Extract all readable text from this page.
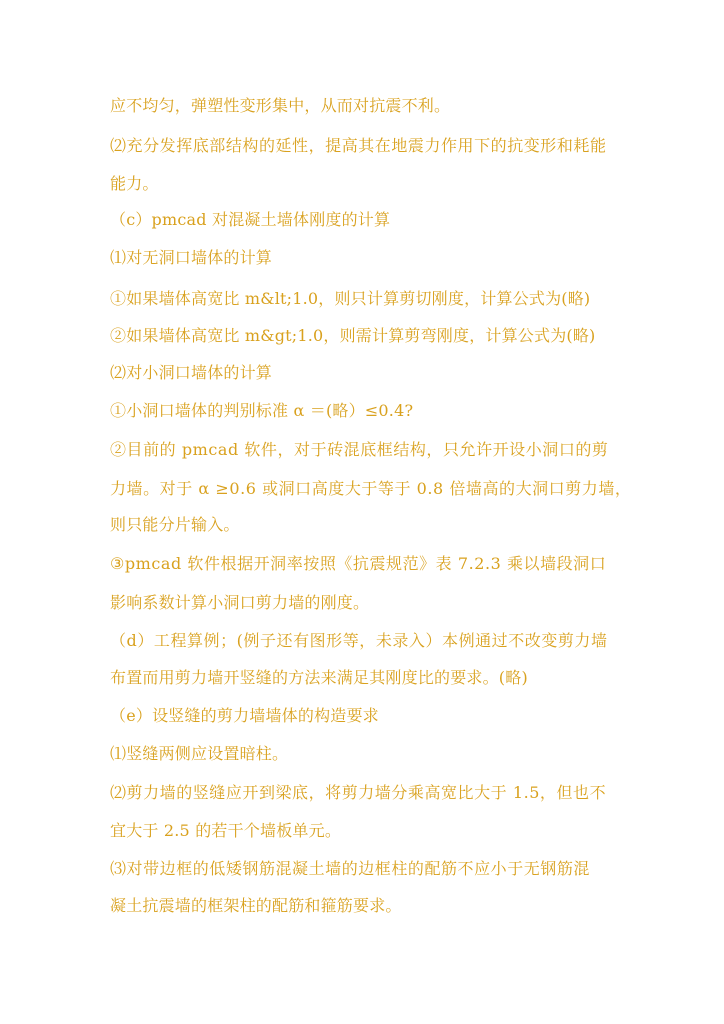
应不均匀，弹塑性变形集中，从而对抗震不利。
⑵充分发挥底部结构的延性，提高其在地震力作用下的抗变形和耗能
能力。
（c）pmcad 对混凝土墙体刚度的计算
⑴对无洞口墙体的计算
①如果墙体高宽比 m&lt;1.0，则只计算剪切刚度，计算公式为(略)
②如果墙体高宽比 m&gt;1.0，则需计算剪弯刚度，计算公式为(略)
⑵对小洞口墙体的计算
①小洞口墙体的判别标准 α ＝(略）≤0.4?
②目前的 pmcad 软件，对于砖混底框结构，只允许开设小洞口的剪
力墙。对于 α ≥0.6 或洞口高度大于等于 0.8 倍墙高的大洞口剪力墙，
则只能分片输入。
③pmcad 软件根据开洞率按照《抗震规范》表 7.2.3 乘以墙段洞口
影响系数计算小洞口剪力墙的刚度。
（d）工程算例；(例子还有图形等，未录入）本例通过不改变剪力墙
布置而用剪力墙开竖缝的方法来满足其刚度比的要求。(略)
（e）设竖缝的剪力墙墙体的构造要求
⑴竖缝两侧应设置暗柱。
⑵剪力墙的竖缝应开到梁底，将剪力墙分乘高宽比大于 1.5，但也不
宜大于 2.5 的若干个墙板单元。
⑶对带边框的低矮钢筋混凝土墙的边框柱的配筋不应小于无钢筋混
凝土抗震墙的框架柱的配筋和箍筋要求。
